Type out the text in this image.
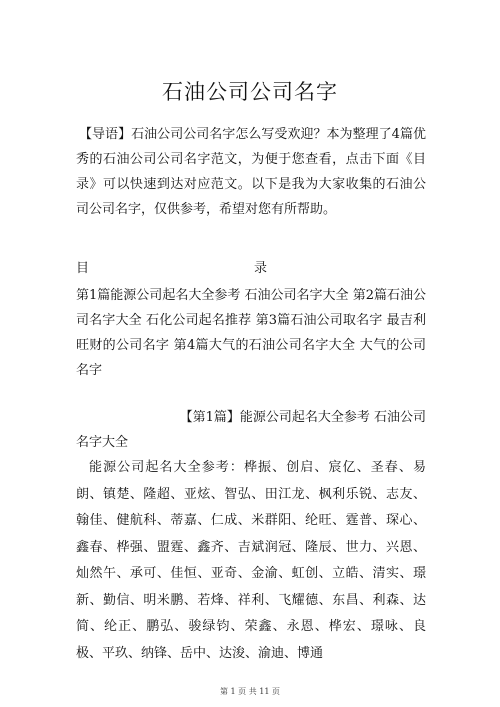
石油公司公司名字
【导语】石油公司公司名字怎么写受欢迎？本为整理了4篇优秀的石油公司公司名字范文，为便于您查看，点击下面《目录》可以快速到达对应范文。以下是我为大家收集的石油公司公司名字，仅供参考，希望对您有所帮助。
目	录
第1篇能源公司起名大全参考 石油公司名字大全 第2篇石油公司名字大全 石化公司起名推荐 第3篇石油公司取名字 最吉利旺财的公司名字 第4篇大气的石油公司名字大全 大气的公司名字
【第1篇】能源公司起名大全参考 石油公司
名字大全
能源公司起名大全参考：桦振、创启、宸亿、圣春、易朗、镇楚、隆超、亚炫、智弘、田江龙、枫利乐锐、志友、翰佳、健航科、蒂嘉、仁成、米群阳、纶旺、霆普、琛心、鑫春、桦强、盟霆、鑫齐、吉斌润冠、隆辰、世力、兴恩、灿然午、承可、佳恒、亚奇、金渝、虹创、立皓、清实、璟新、勤信、明米鹏、若烽、祥利、飞耀德、东昌、利森、达简、纶正、鹏弘、骏绿钧、荣鑫、永恩、桦宏、璟咏、良极、平玖、纳锋、岳中、达浚、渝迪、博通
第 1 页 共 11 页
